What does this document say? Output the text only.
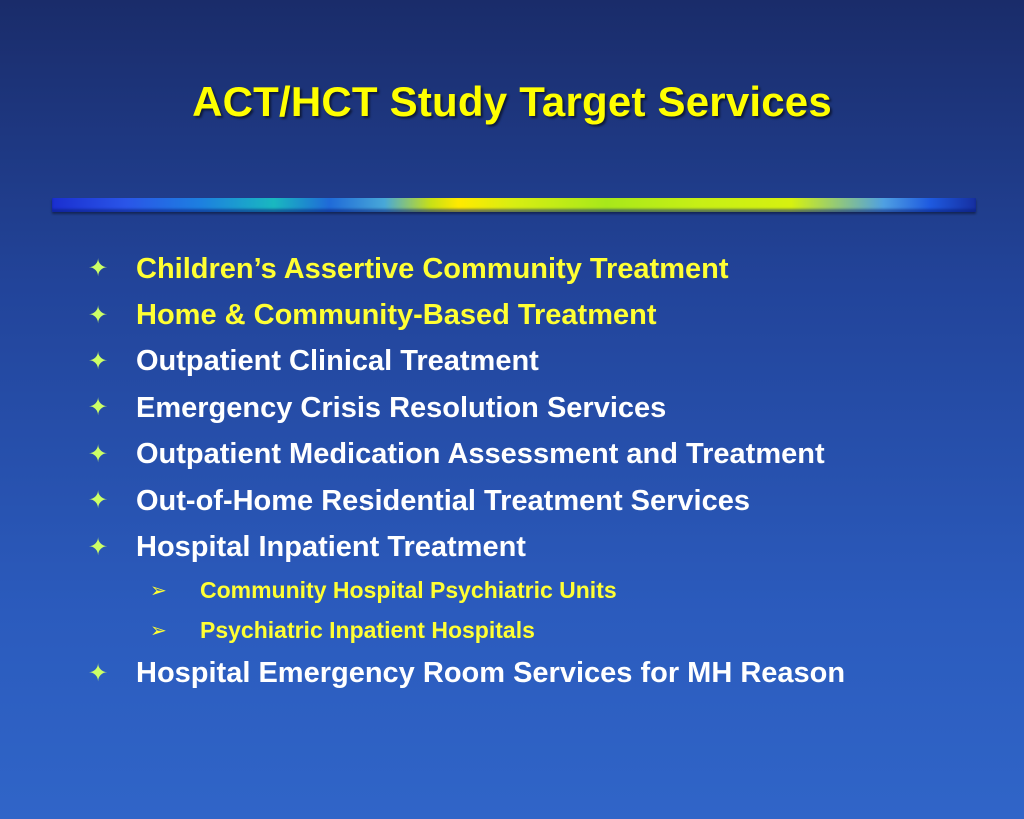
ACT/HCT Study Target Services
✦ Children’s Assertive Community Treatment
✦ Home & Community-Based Treatment
✦ Outpatient Clinical Treatment
✦ Emergency Crisis Resolution Services
✦ Outpatient Medication Assessment and Treatment
✦ Out-of-Home Residential Treatment Services
✦ Hospital Inpatient Treatment
➢	Community Hospital Psychiatric Units
➢	Psychiatric Inpatient Hospitals
✦ Hospital Emergency Room Services for MH Reason
